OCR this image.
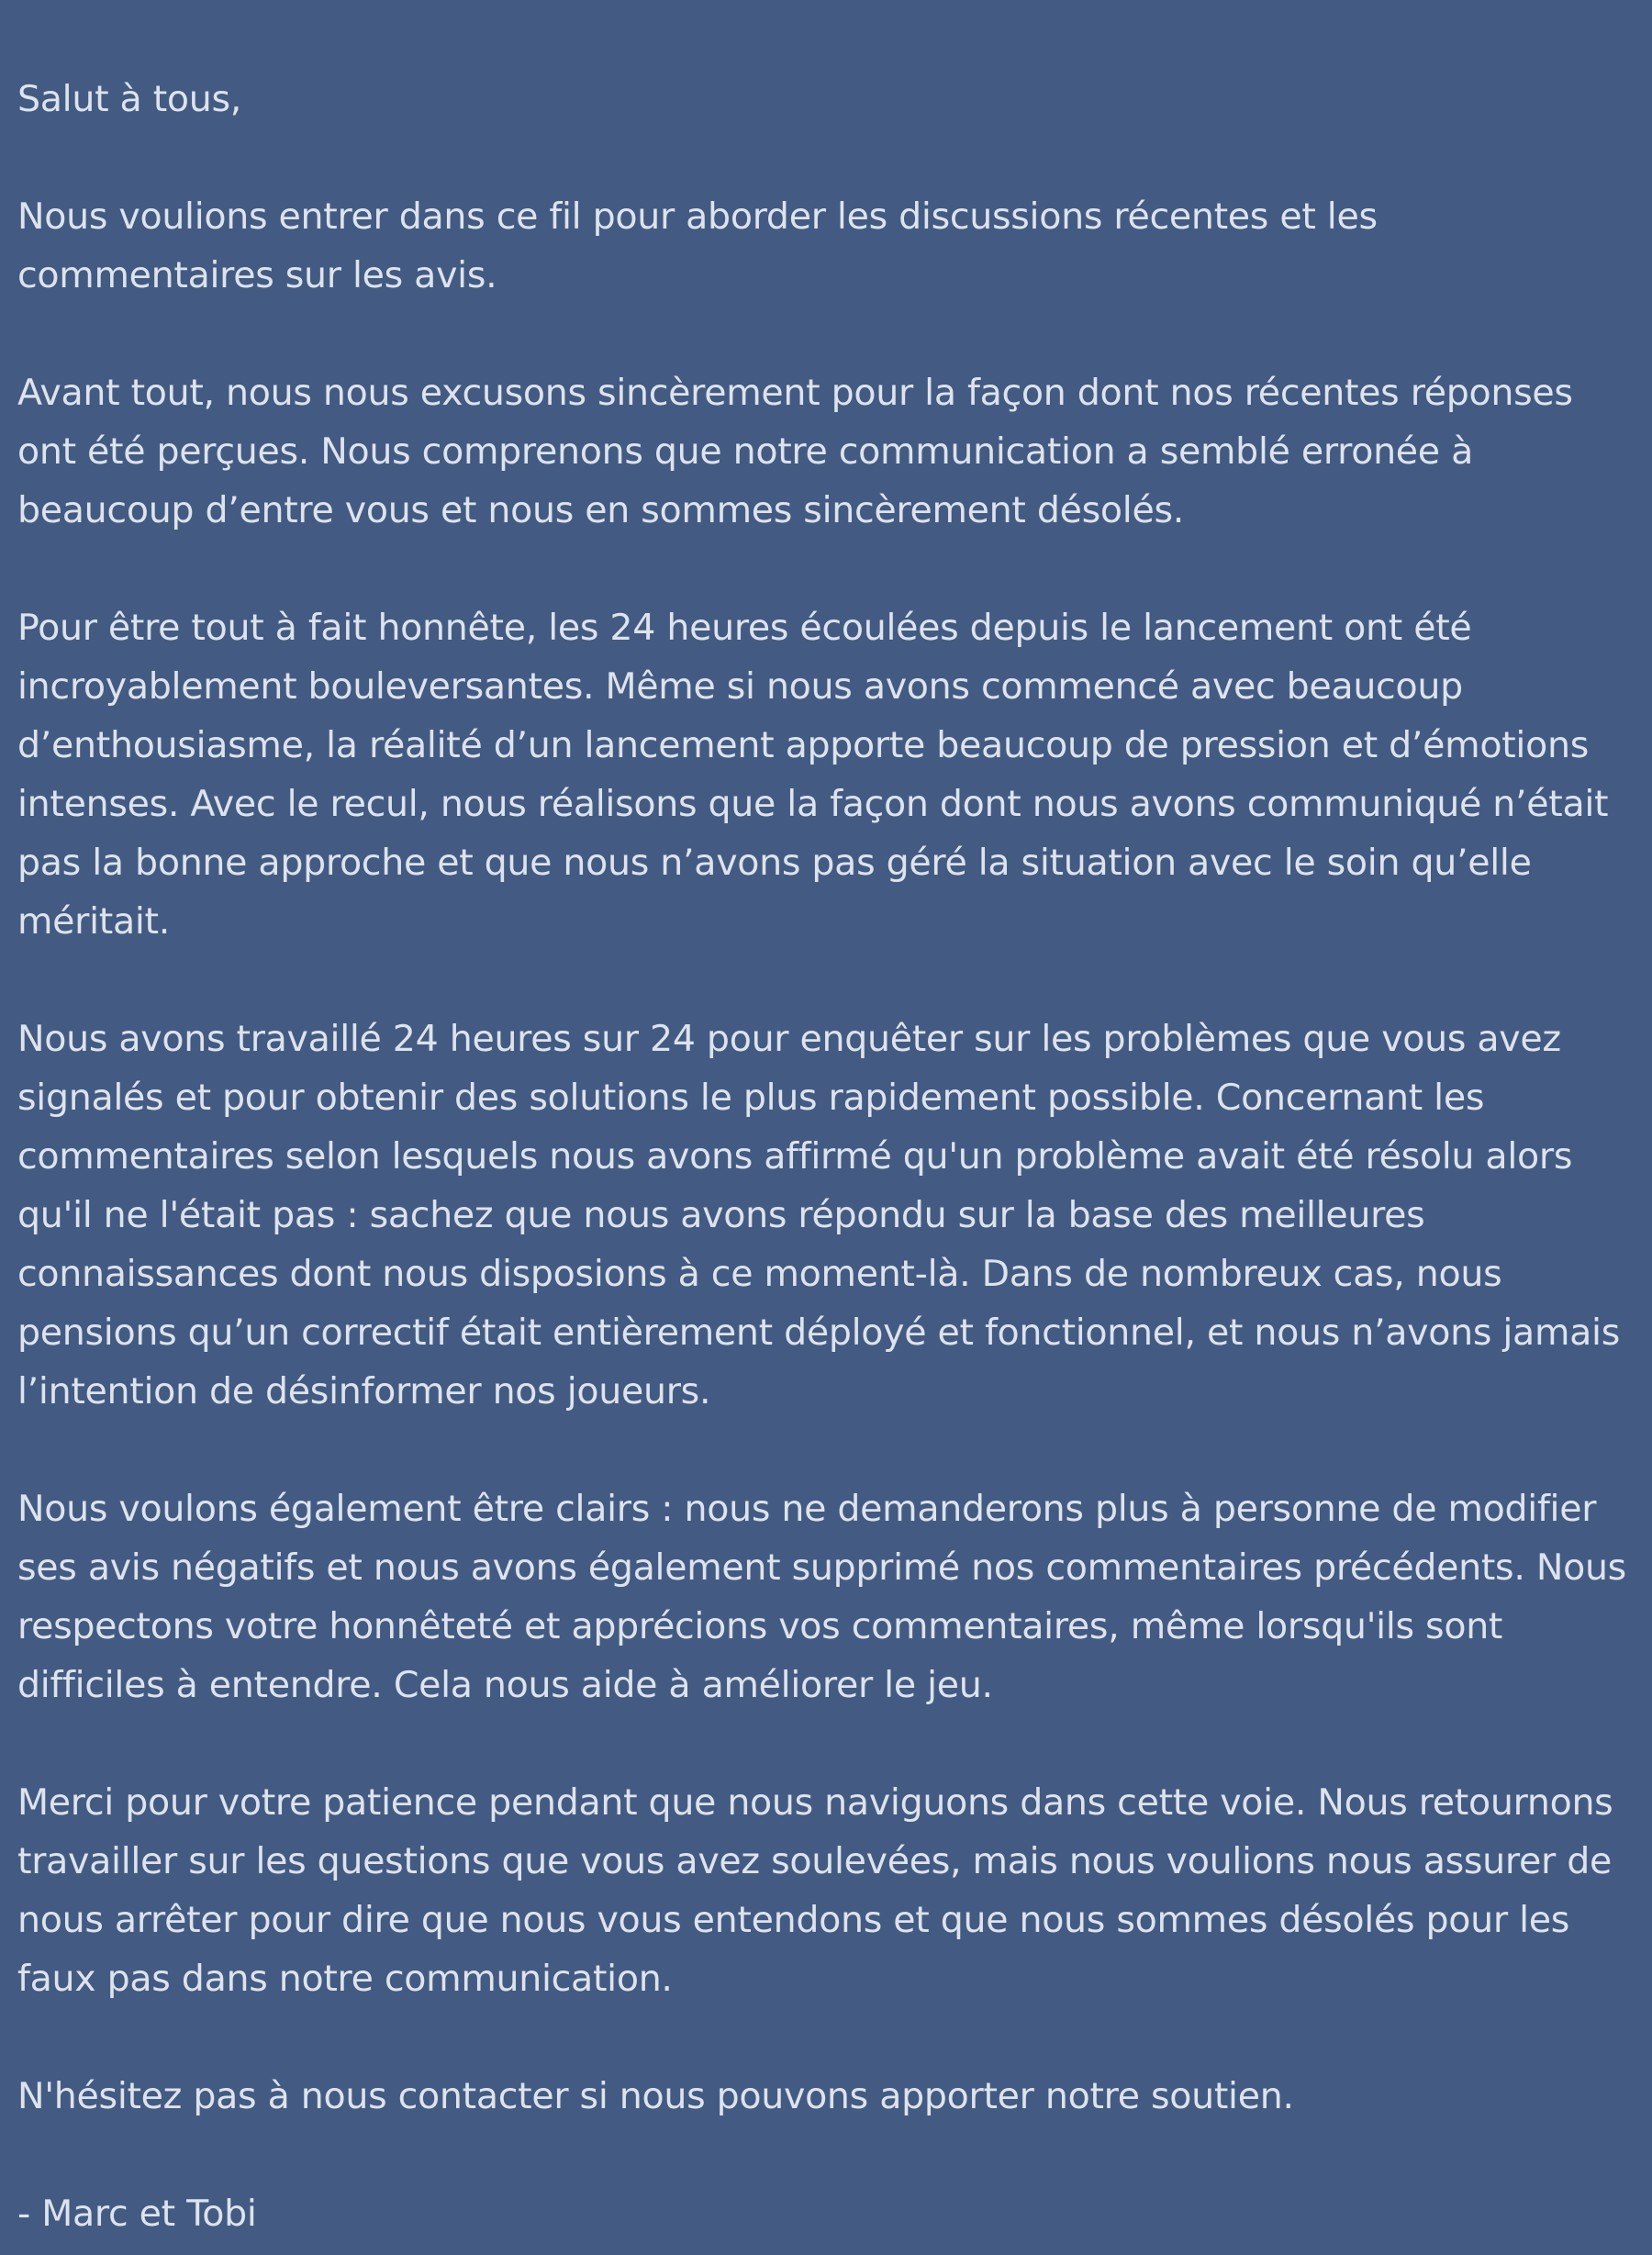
Salut à tous,

Nous voulions entrer dans ce fil pour aborder les discussions récentes et les commentaires sur les avis.

Avant tout, nous nous excusons sincèrement pour la façon dont nos récentes réponses ont été perçues. Nous comprenons que notre communication a semblé erronée à beaucoup d’entre vous et nous en sommes sincèrement désolés.

Pour être tout à fait honnête, les 24 heures écoulées depuis le lancement ont été incroyablement bouleversantes. Même si nous avons commencé avec beaucoup d’enthousiasme, la réalité d’un lancement apporte beaucoup de pression et d’émotions intenses. Avec le recul, nous réalisons que la façon dont nous avons communiqué n’était pas la bonne approche et que nous n’avons pas géré la situation avec le soin qu’elle méritait.

Nous avons travaillé 24 heures sur 24 pour enquêter sur les problèmes que vous avez signalés et pour obtenir des solutions le plus rapidement possible. Concernant les commentaires selon lesquels nous avons affirmé qu'un problème avait été résolu alors qu'il ne l'était pas : sachez que nous avons répondu sur la base des meilleures connaissances dont nous disposions à ce moment-là. Dans de nombreux cas, nous pensions qu’un correctif était entièrement déployé et fonctionnel, et nous n’avons jamais l’intention de désinformer nos joueurs.

Nous voulons également être clairs : nous ne demanderons plus à personne de modifier ses avis négatifs et nous avons également supprimé nos commentaires précédents. Nous respectons votre honnêteté et apprécions vos commentaires, même lorsqu'ils sont difficiles à entendre. Cela nous aide à améliorer le jeu.

Merci pour votre patience pendant que nous naviguons dans cette voie. Nous retournons travailler sur les questions que vous avez soulevées, mais nous voulions nous assurer de nous arrêter pour dire que nous vous entendons et que nous sommes désolés pour les faux pas dans notre communication.

N'hésitez pas à nous contacter si nous pouvons apporter notre soutien.

- Marc et Tobi
